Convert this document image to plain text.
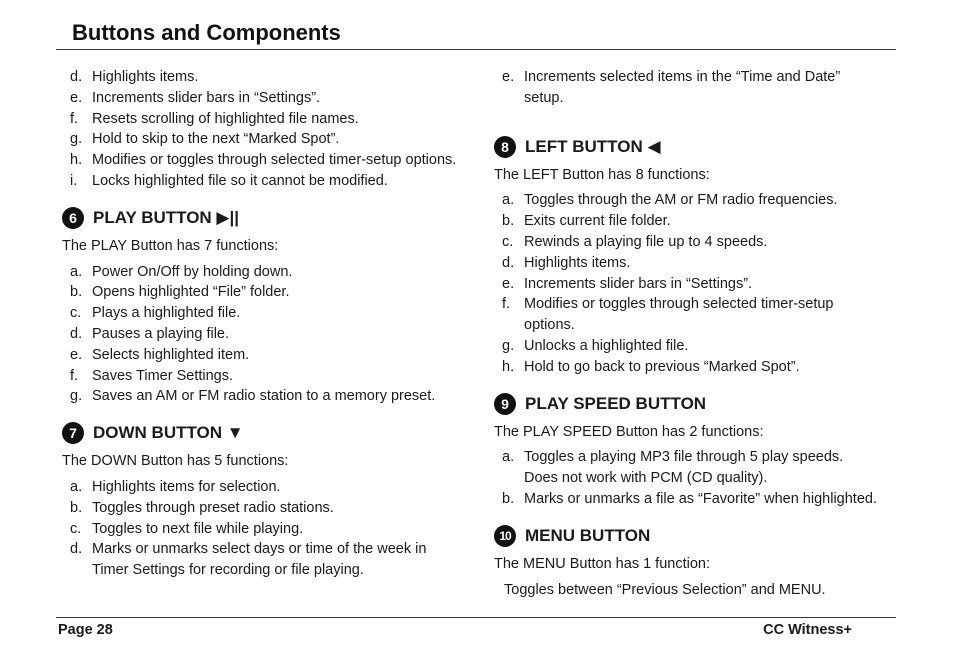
Buttons and Components
d. Highlights items.
e. Increments slider bars in “Settings”.
f. Resets scrolling of highlighted file names.
g. Hold to skip to the next “Marked Spot”.
h. Modifies or toggles through selected timer-setup options.
i.	Locks highlighted file so it cannot be modified.
6 PLAY BUTTON ▶||
The PLAY Button has 7 functions:
a. Power On/Off by holding down.
b. Opens highlighted “File” folder.
c. Plays a highlighted file.
d. Pauses a playing file.
e. Selects highlighted item.
f. Saves Timer Settings.
g. Saves an AM or FM radio station to a memory preset.
7 DOWN BUTTON ▼
The DOWN Button has 5 functions:
a. Highlights items for selection.
b. Toggles through preset radio stations.
c. Toggles to next file while playing.
d. Marks or unmarks select days or time of the week in Timer Settings for recording or file playing.
e. Increments selected items in the “Time and Date” setup.
8 LEFT BUTTON ◀
The LEFT Button has 8 functions:
a. Toggles through the AM or FM radio frequencies.
b. Exits current file folder.
c. Rewinds a playing file up to 4 speeds.
d. Highlights items.
e. Increments slider bars in “Settings”.
f. Modifies or toggles through selected timer-setup options.
g. Unlocks a highlighted file.
h. Hold to go back to previous “Marked Spot”.
9 PLAY SPEED BUTTON
The PLAY SPEED Button has 2 functions:
a. Toggles a playing MP3 file through 5 play speeds. Does not work with PCM (CD quality).
b. Marks or unmarks a file as “Favorite” when highlighted.
10 MENU BUTTON
The MENU Button has 1 function:
Toggles between “Previous Selection” and MENU.
Page 28	CC Witness+
